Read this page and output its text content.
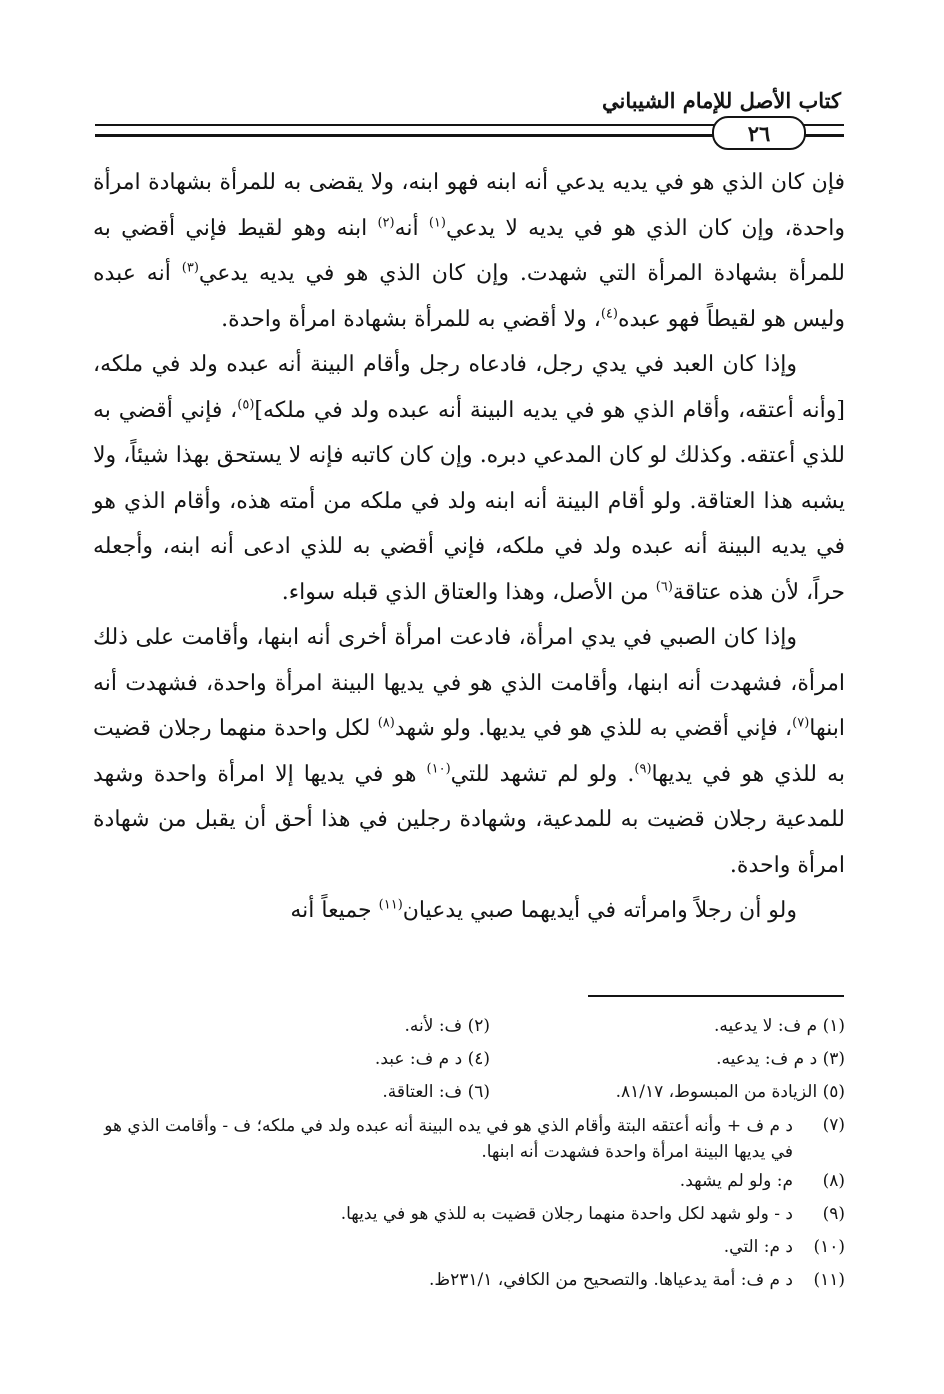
كتاب الأصل للإمام الشيباني
٢٦

فإن كان الذي هو في يديه يدعي أنه ابنه فهو ابنه، ولا يقضى به للمرأة بشهادة امرأة واحدة، وإن كان الذي هو في يديه لا يدعي$^{(١)}$ أنه$^{(٢)}$ ابنه وهو لقيط فإني أقضي به للمرأة بشهادة المرأة التي شهدت. وإن كان الذي هو في يديه يدعي$^{(٣)}$ أنه عبده وليس هو لقيطاً فهو عبده$^{(٤)}$، ولا أقضي به للمرأة بشهادة امرأة واحدة.

وإذا كان العبد في يدي رجل، فادعاه رجل وأقام البينة أنه عبده ولد في ملكه، [وأنه أعتقه، وأقام الذي هو في يديه البينة أنه عبده ولد في ملكه]$^{(٥)}$، فإني أقضي به للذي أعتقه. وكذلك لو كان المدعي دبره. وإن كان كاتبه فإنه لا يستحق بهذا شيئاً، ولا يشبه هذا العتاقة. ولو أقام البينة أنه ابنه ولد في ملكه من أمته هذه، وأقام الذي هو في يديه البينة أنه عبده ولد في ملكه، فإني أقضي به للذي ادعى أنه ابنه، وأجعله حراً، لأن هذه عتاقة$^{(٦)}$ من الأصل، وهذا والعتاق الذي قبله سواء.

وإذا كان الصبي في يدي امرأة، فادعت امرأة أخرى أنه ابنها، وأقامت على ذلك امرأة، فشهدت أنه ابنها، وأقامت الذي هو في يديها البينة امرأة واحدة، فشهدت أنه ابنها$^{(٧)}$، فإني أقضي به للذي هو في يديها. ولو شهد$^{(٨)}$ لكل واحدة منهما رجلان قضيت به للذي هو في يديها$^{(٩)}$. ولو لم تشهد للتي$^{(١٠)}$ هو في يديها إلا امرأة واحدة وشهد للمدعية رجلان قضيت به للمدعية، وشهادة رجلين في هذا أحق أن يقبل من شهادة امرأة واحدة.

ولو أن رجلاً وامرأته في أيديهما صبي يدعيان$^{(١١)}$ جميعاً أنه

(١) م ف: لا يدعيه.
(٢) ف: لأنه.
(٣) د م ف: يدعيه.
(٤) د م ف: عبد.
(٥) الزيادة من المبسوط، ٨١/١٧.
(٦) ف: العتاقة.
(٧)
د م ف + وأنه أعتقه البتة وأقام الذي هو في يده البينة أنه عبده ولد في ملكه؛ ف - وأقامت الذي هو في يديها البينة امرأة واحدة فشهدت أنه ابنها.
(٨)
م: ولو لم يشهد.
(٩)
د - ولو شهد لكل واحدة منهما رجلان قضيت به للذي هو في يديها.
(١٠)
د م: التي.
(١١)
د م ف: أمة يدعياها. والتصحيح من الكافي، ٢٣١/١ظ.
